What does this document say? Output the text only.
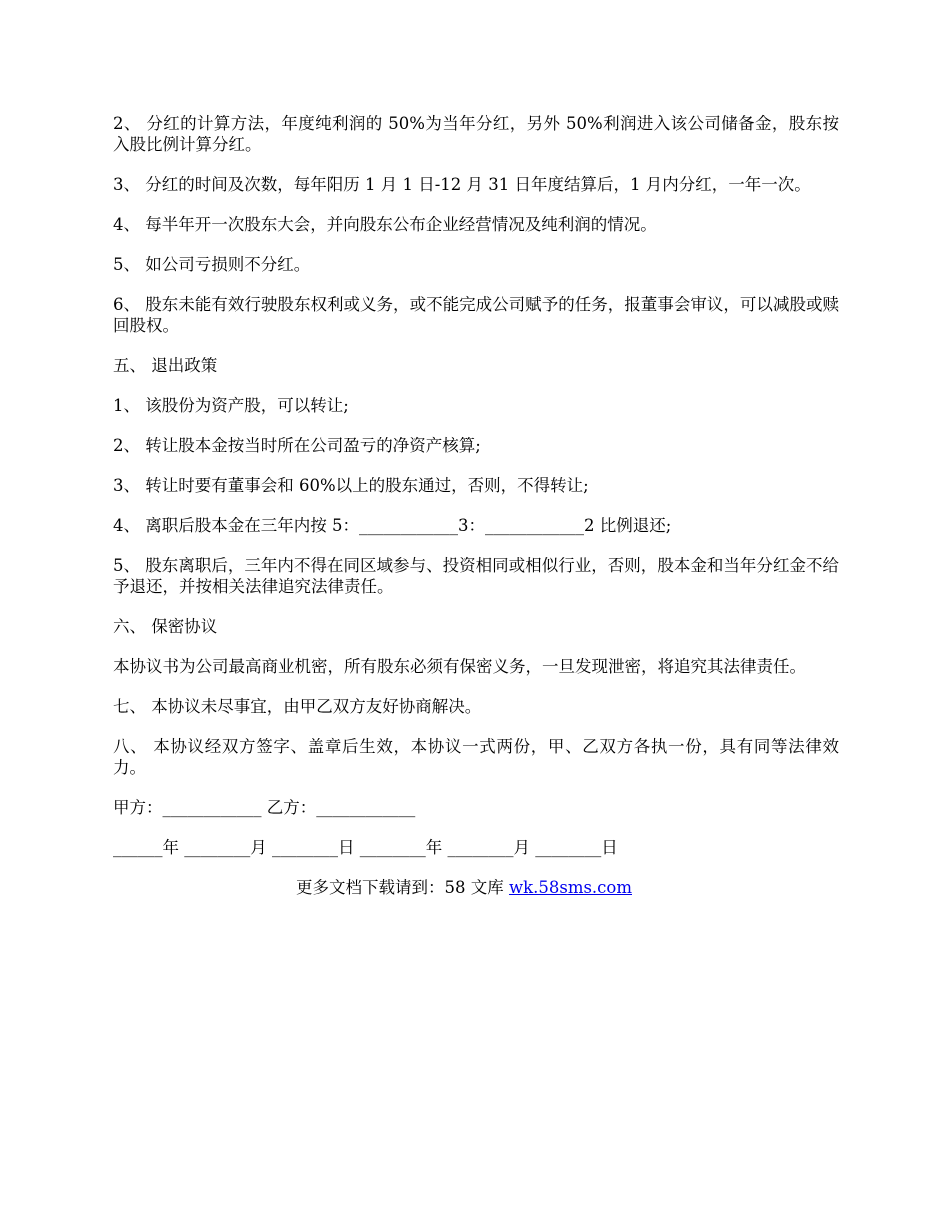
2、 分红的计算方法，年度纯利润的 50%为当年分红，另外 50%利润进入该公司储备金，股东按入股比例计算分红。

3、 分红的时间及次数，每年阳历 1 月 1 日-12 月 31 日年度结算后，1 月内分红，一年一次。

4、 每半年开一次股东大会，并向股东公布企业经营情况及纯利润的情况。

5、 如公司亏损则不分红。

6、 股东未能有效行驶股东权利或义务，或不能完成公司赋予的任务，报董事会审议，可以减股或赎回股权。

五、 退出政策

1、 该股份为资产股，可以转让;

2、 转让股本金按当时所在公司盈亏的净资产核算;

3、 转让时要有董事会和 60%以上的股东通过，否则，不得转让;

4、 离职后股本金在三年内按 5：____________3：____________2 比例退还;

5、 股东离职后，三年内不得在同区域参与、投资相同或相似行业，否则，股本金和当年分红金不给予退还，并按相关法律追究法律责任。

六、 保密协议

本协议书为公司最高商业机密，所有股东必须有保密义务，一旦发现泄密，将追究其法律责任。

七、 本协议未尽事宜，由甲乙双方友好协商解决。

八、 本协议经双方签字、盖章后生效，本协议一式两份，甲、乙双方各执一份，具有同等法律效力。

甲方：____________ 乙方：____________

______年 ________月 ________日 ________年 ________月 ________日

更多文档下载请到：58 文库 wk.58sms.com
